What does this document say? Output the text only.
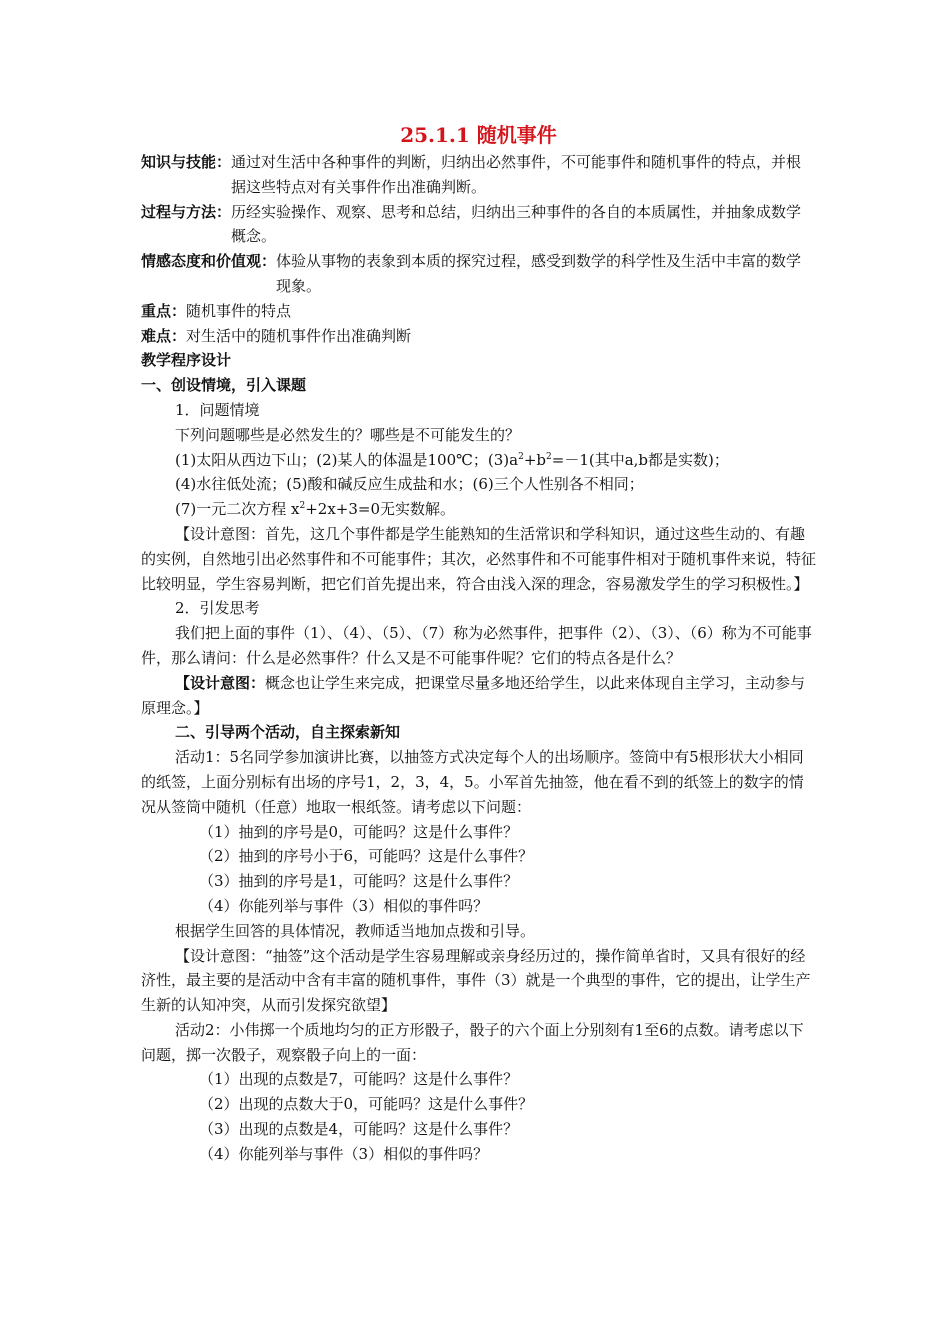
25.1.1 随机事件
知识与技能： 通过对生活中各种事件的判断，归纳出必然事件，不可能事件和随机事件的特点，并根据这些特点对有关事件作出准确判断。
过程与方法： 历经实验操作、观察、思考和总结，归纳出三种事件的各自的本质属性，并抽象成数学概念。
情感态度和价值观： 体验从事物的表象到本质的探究过程，感受到数学的科学性及生活中丰富的数学现象。
重点：随机事件的特点
难点：对生活中的随机事件作出准确判断
教学程序设计
一、创设情境，引入课题
1．问题情境
下列问题哪些是必然发生的？哪些是不可能发生的？
(1)太阳从西边下山；(2)某人的体温是100℃；$(3)a^2+b^2=-1$(其中a,b都是实数)；
(4)水往低处流；(5)酸和碱反应生成盐和水；(6)三个人性别各不相同；
(7)一元二次方程 $x^2+2x+3=0$无实数解。
【设计意图：首先，这几个事件都是学生能熟知的生活常识和学科知识，通过这些生动的、有趣的实例，自然地引出必然事件和不可能事件；其次，必然事件和不可能事件相对于随机事件来说，特征比较明显，学生容易判断，把它们首先提出来，符合由浅入深的理念，容易激发学生的学习积极性。】
2．引发思考
我们把上面的事件（1）、（4）、（5）、（7）称为必然事件，把事件（2）、（3）、（6）称为不可能事件，那么请问：什么是必然事件？什么又是不可能事件呢？它们的特点各是什么？
【设计意图：概念也让学生来完成，把课堂尽量多地还给学生，以此来体现自主学习，主动参与原理念。】
二、引导两个活动，自主探索新知
活动1：5名同学参加演讲比赛，以抽签方式决定每个人的出场顺序。签筒中有5根形状大小相同的纸签，上面分别标有出场的序号1，2，3，4，5。小军首先抽签，他在看不到的纸签上的数字的情况从签筒中随机（任意）地取一根纸签。请考虑以下问题：
（1）抽到的序号是0，可能吗？这是什么事件？
（2）抽到的序号小于6，可能吗？这是什么事件？
（3）抽到的序号是1，可能吗？这是什么事件？
（4）你能列举与事件（3）相似的事件吗？
根据学生回答的具体情况，教师适当地加点拨和引导。
【设计意图：“抽签”这个活动是学生容易理解或亲身经历过的，操作简单省时，又具有很好的经济性，最主要的是活动中含有丰富的随机事件，事件（3）就是一个典型的事件，它的提出，让学生产生新的认知冲突，从而引发探究欲望】
活动2：小伟掷一个质地均匀的正方形骰子，骰子的六个面上分别刻有1至6的点数。请考虑以下问题，掷一次骰子，观察骰子向上的一面：
（1）出现的点数是7，可能吗？这是什么事件？
（2）出现的点数大于0，可能吗？这是什么事件？
（3）出现的点数是4，可能吗？这是什么事件？
（4）你能列举与事件（3）相似的事件吗？
